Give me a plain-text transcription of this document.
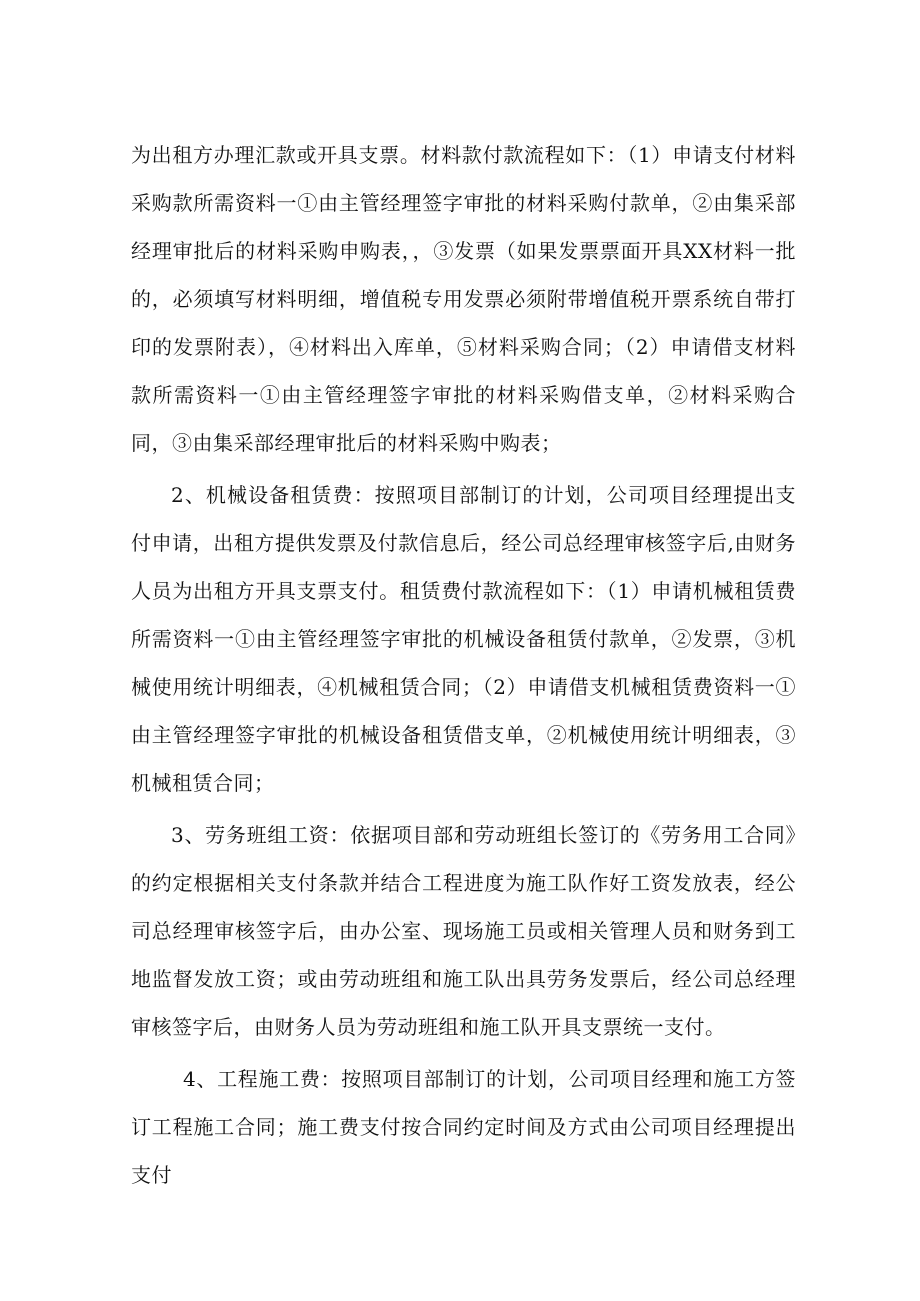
为出租方办理汇款或开具支票。材料款付款流程如下：（1）申请支付材料采购款所需资料一①由主管经理签字审批的材料采购付款单，②由集采部经理审批后的材料采购申购表，，③发票（如果发票票面开具XX材料一批的，必须填写材料明细，增值税专用发票必须附带增值税开票系统自带打印的发票附表），④材料出入库单，⑤材料采购合同；（2）申请借支材料款所需资料一①由主管经理签字审批的材料采购借支单，②材料采购合同，③由集采部经理审批后的材料采购中购表；

2、机械设备租赁费：按照项目部制订的计划，公司项目经理提出支付申请，出租方提供发票及付款信息后，经公司总经理审核签字后,由财务人员为出租方开具支票支付。租赁费付款流程如下：（1）申请机械租赁费所需资料一①由主管经理签字审批的机械设备租赁付款单，②发票，③机械使用统计明细表，④机械租赁合同；（2）申请借支机械租赁费资料一①由主管经理签字审批的机械设备租赁借支单，②机械使用统计明细表，③机械租赁合同；

3、劳务班组工资：依据项目部和劳动班组长签订的《劳务用工合同》的约定根据相关支付条款并结合工程进度为施工队作好工资发放表，经公司总经理审核签字后，由办公室、现场施工员或相关管理人员和财务到工地监督发放工资；或由劳动班组和施工队出具劳务发票后，经公司总经理审核签字后，由财务人员为劳动班组和施工队开具支票统一支付。

4、工程施工费：按照项目部制订的计划，公司项目经理和施工方签订工程施工合同；施工费支付按合同约定时间及方式由公司项目经理提出支付
